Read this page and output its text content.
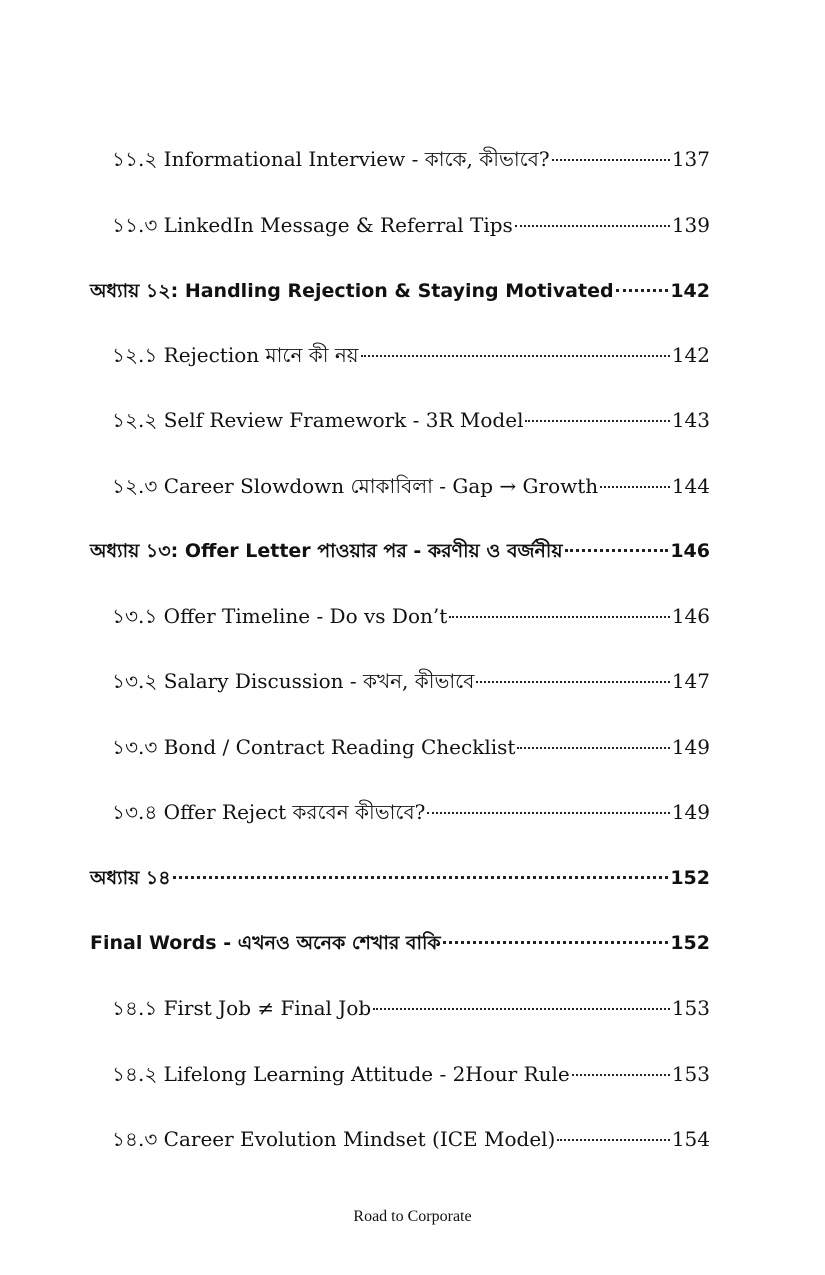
১১.২ Informational Interview - কাকে, কীভাবে?	137
১১.৩ LinkedIn Message & Referral Tips	139
অধ্যায় ১২: Handling Rejection & Staying Motivated	142
১২.১ Rejection মানে কী নয়	142
১২.২ Self Review Framework - 3R Model	143
১২.৩ Career Slowdown মোকাবিলা - Gap → Growth	144
অধ্যায় ১৩: Offer Letter পাওয়ার পর - করণীয় ও বর্জনীয়	146
১৩.১ Offer Timeline - Do vs Don’t	146
১৩.২ Salary Discussion - কখন, কীভাবে	147
১৩.৩ Bond / Contract Reading Checklist	149
১৩.৪ Offer Reject করবেন কীভাবে?	149
অধ্যায় ১৪	152
Final Words - এখনও অনেক শেখার বাকি	152
১৪.১ First Job ≠ Final Job	153
১৪.২ Lifelong Learning Attitude - 2Hour Rule	153
১৪.৩ Career Evolution Mindset (ICE Model)	154
Road to Corporate
